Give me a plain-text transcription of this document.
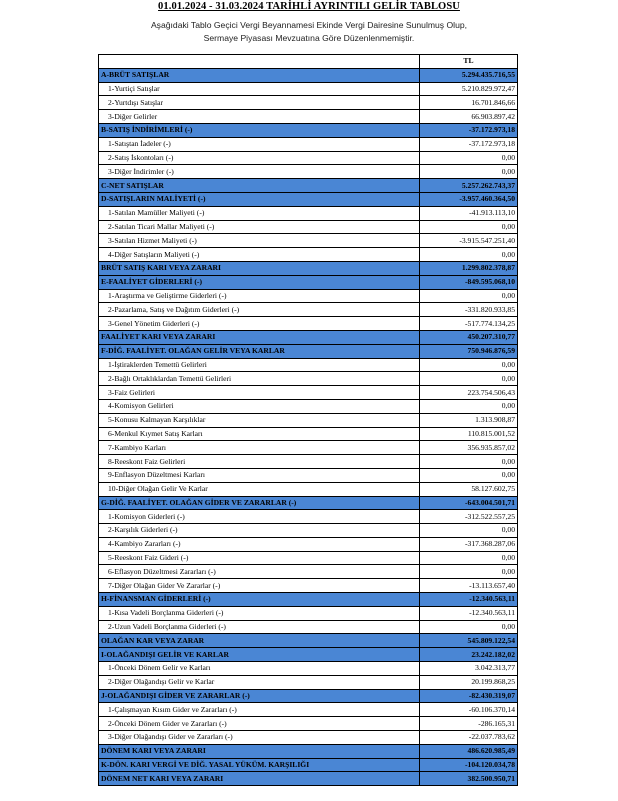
01.01.2024 - 31.03.2024 TARİHLİ AYRINTILI GELİR TABLOSU
Aşağıdaki Tablo Geçici Vergi Beyannamesi Ekinde Vergi Dairesine Sunulmuş Olup,
Sermaye Piyasası Mevzuatına Göre Düzenlenmemiştir.
	TL
A-BRÜT SATIŞLAR	5.294.435.716,55
1-Yurtiçi Satışlar	5.210.829.972,47
2-Yurtdışı Satışlar	16.701.846,66
3-Diğer Gelirler	66.903.897,42
B-SATIŞ İNDİRİMLERİ (-)	-37.172.973,18
1-Satıştan İadeler (-)	-37.172.973,18
2-Satış İskontoları (-)	0,00
3-Diğer İndirimler (-)	0,00
C-NET SATIŞLAR	5.257.262.743,37
D-SATIŞLARIN MALİYETİ (-)	-3.957.460.364,50
1-Satılan Mamüller Maliyeti (-)	-41.913.113,10
2-Satılan Ticari Mallar Maliyeti (-)	0,00
3-Satılan Hizmet Maliyeti (-)	-3.915.547.251,40
4-Diğer Satışların Maliyeti (-)	0,00
BRÜT SATIŞ KARI VEYA ZARARI	1.299.802.378,87
E-FAALİYET GİDERLERİ (-)	-849.595.068,10
1-Araştırma ve Geliştirme Giderleri (-)	0,00
2-Pazarlama, Satış ve Dağıtım Giderleri (-)	-331.820.933,85
3-Genel Yönetim Giderleri (-)	-517.774.134,25
FAALİYET KARI VEYA ZARARI	450.207.310,77
F-DİĞ. FAALİYET. OLAĞAN GELİR VEYA KARLAR	750.946.876,59
1-İştiraklerden Temettü Gelirleri	0,00
2-Bağlı Ortaklıklardan Temettü Gelirleri	0,00
3-Faiz Gelirleri	223.754.506,43
4-Komisyon Gelirleri	0,00
5-Konusu Kalmayan Karşılıklar	1.313.908,87
6-Menkul Kıymet Satış Karları	110.815.001,52
7-Kambiyo Karları	356.935.857,02
8-Reeskont Faiz Gelirleri	0,00
9-Enflasyon Düzeltmesi Karları	0,00
10-Diğer Olağan Gelir Ve Karlar	58.127.602,75
G-DİĞ. FAALİYET. OLAĞAN GİDER VE ZARARLAR (-)	-643.004.501,71
1-Komisyon Giderleri (-)	-312.522.557,25
2-Karşılık Giderleri (-)	0,00
4-Kambiyo Zararları (-)	-317.368.287,06
5-Reeskont Faiz Gideri (-)	0,00
6-Eflasyon Düzeltmesi Zararları (-)	0,00
7-Diğer Olağan Gider Ve Zararlar (-)	-13.113.657,40
H-FİNANSMAN GİDERLERİ (-)	-12.340.563,11
1-Kısa Vadeli Borçlanma Giderleri (-)	-12.340.563,11
2-Uzun Vadeli Borçlanma Giderleri (-)	0,00
OLAĞAN KAR VEYA ZARAR	545.809.122,54
I-OLAĞANDIŞI GELİR VE KARLAR	23.242.182,02
1-Önceki Dönem Gelir ve Karları	3.042.313,77
2-Diğer Olağandışı Gelir ve Karlar	20.199.868,25
J-OLAĞANDIŞI GİDER VE ZARARLAR (-)	-82.430.319,07
1-Çalışmayan Kısım Gider ve Zararları (-)	-60.106.370,14
2-Önceki Dönem Gider ve Zararları (-)	-286.165,31
3-Diğer Olağandışı Gider ve Zararları (-)	-22.037.783,62
DÖNEM KARI VEYA ZARARI	486.620.985,49
K-DÖN. KARI VERGİ VE DİĞ. YASAL YÜKÜM. KARŞILIĞI	-104.120.034,78
DÖNEM NET KARI VEYA ZARARI	382.500.950,71
